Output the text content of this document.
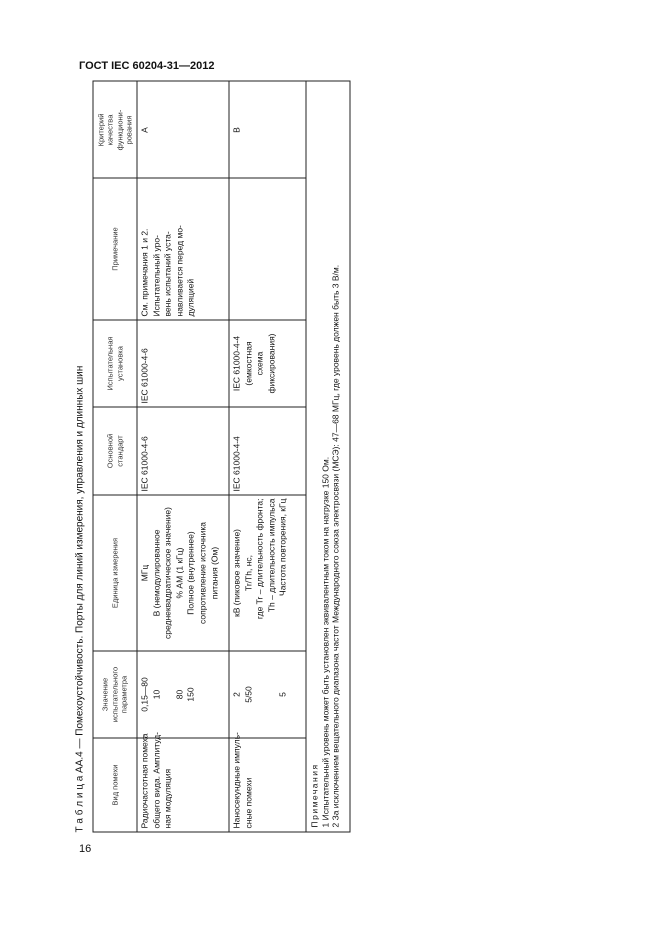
ГОСТ IEC 60204-31—2012
Т а б л и ц а АА.4 — Помехоустойчивость. Порты для линий измерения, управления и длинных шин	Вид помехи
Значение испытательного параметра
Единица измерения
Основной стандарт
Испытательная установка
Примечание
Критерий качества функциони- рования
Радиочастотная помеха общего вида. Амплитуд- ная модуляция
0,15—80 10
80 150
МГц В (немодулированное среднеквадратическое значение) % АМ (1 кГц) Полное (внутреннее) сопротивление источника питания (Ом)
IEC 61000-4-6
IEC 61000-4-6
См. примечания 1 и 2. Испытательный уро- вень испытаний уста- навливается перед мо- дуляцией
А
Наносекундные импуль- сные помехи
2 5/50

	5
кВ (пиковое значение) Tr/Th, нс, где Tr – длительность фронта; Th – длительность импульса Частота повторения, кГц
IEC 61000-4-4
IEC 61000-4-4 (емкостная схема фиксирования)
В
Примечания 1 Испытательный уровень может быть установлен эквивалентным током на нагрузке 150 Ом. 2 За исключением вещательного диапазона частот Международного союза электросвязи (МСЭ): 47—68 МГц, где уровень должен быть 3 В/м.
16
